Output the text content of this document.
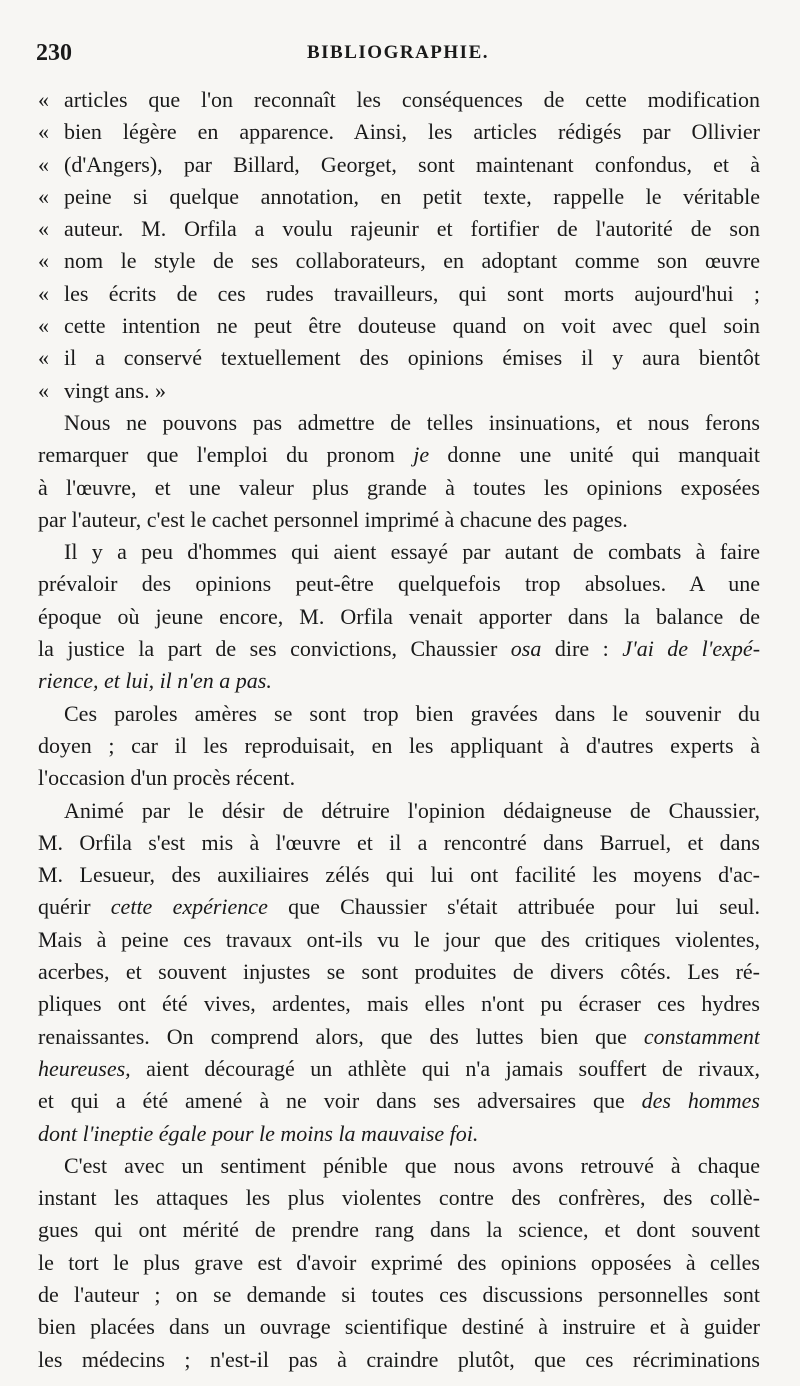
230	BIBLIOGRAPHIE.
« articles que l'on reconnaît les conséquences de cette modification
« bien légère en apparence. Ainsi, les articles rédigés par Ollivier
« (d'Angers), par Billard, Georget, sont maintenant confondus, et à
« peine si quelque annotation, en petit texte, rappelle le véritable
« auteur. M. Orfila a voulu rajeunir et fortifier de l'autorité de son
« nom le style de ses collaborateurs, en adoptant comme son œuvre
« les écrits de ces rudes travailleurs, qui sont morts aujourd'hui ;
« cette intention ne peut être douteuse quand on voit avec quel soin
« il a conservé textuellement des opinions émises il y aura bientôt
« vingt ans. »
Nous ne pouvons pas admettre de telles insinuations, et nous ferons
remarquer que l'emploi du pronom je donne une unité qui manquait
à l'œuvre, et une valeur plus grande à toutes les opinions exposées
par l'auteur, c'est le cachet personnel imprimé à chacune des pages.
Il y a peu d'hommes qui aient essayé par autant de combats à faire
prévaloir des opinions peut-être quelquefois trop absolues. A une
époque où jeune encore, M. Orfila venait apporter dans la balance de
la justice la part de ses convictions, Chaussier osa dire : J'ai de l'expé-
rience, et lui, il n'en a pas.
Ces paroles amères se sont trop bien gravées dans le souvenir du
doyen ; car il les reproduisait, en les appliquant à d'autres experts à
l'occasion d'un procès récent.
Animé par le désir de détruire l'opinion dédaigneuse de Chaussier,
M. Orfila s'est mis à l'œuvre et il a rencontré dans Barruel, et dans
M. Lesueur, des auxiliaires zélés qui lui ont facilité les moyens d'ac-
quérir cette expérience que Chaussier s'était attribuée pour lui seul.
Mais à peine ces travaux ont-ils vu le jour que des critiques violentes,
acerbes, et souvent injustes se sont produites de divers côtés. Les ré-
pliques ont été vives, ardentes, mais elles n'ont pu écraser ces hydres
renaissantes. On comprend alors, que des luttes bien que constamment
heureuses, aient découragé un athlète qui n'a jamais souffert de rivaux,
et qui a été amené à ne voir dans ses adversaires que des hommes
dont l'ineptie égale pour le moins la mauvaise foi.
C'est avec un sentiment pénible que nous avons retrouvé à chaque
instant les attaques les plus violentes contre des confrères, des collè-
gues qui ont mérité de prendre rang dans la science, et dont souvent
le tort le plus grave est d'avoir exprimé des opinions opposées à celles
de l'auteur ; on se demande si toutes ces discussions personnelles sont
bien placées dans un ouvrage scientifique destiné à instruire et à guider
les médecins ; n'est-il pas à craindre plutôt, que ces récriminations
